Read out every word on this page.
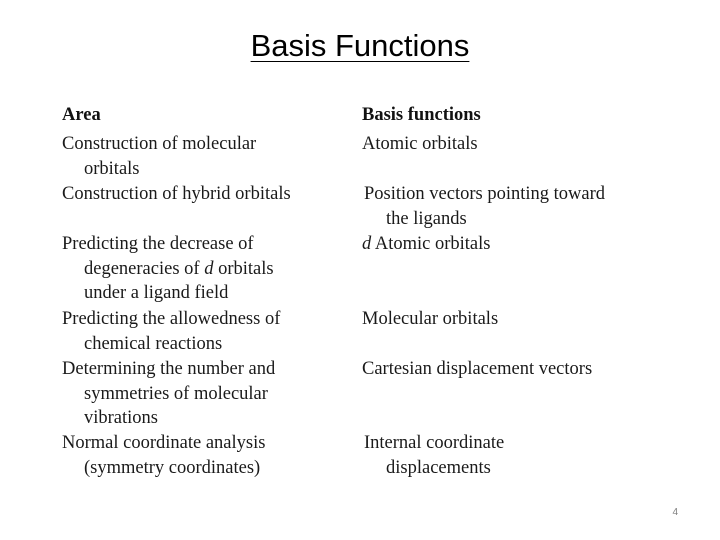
Basis Functions
Area	Basis functions
Construction of molecular
orbitals
Atomic orbitals
Construction of hybrid orbitals	Position vectors pointing toward
the ligands
Predicting the decrease of
degeneracies of d orbitals
under a ligand field
d Atomic orbitals
Predicting the allowedness of
chemical reactions
Molecular orbitals
Determining the number and
symmetries of molecular
vibrations
Cartesian displacement vectors
Normal coordinate analysis
(symmetry coordinates)
Internal coordinate
displacements
4
